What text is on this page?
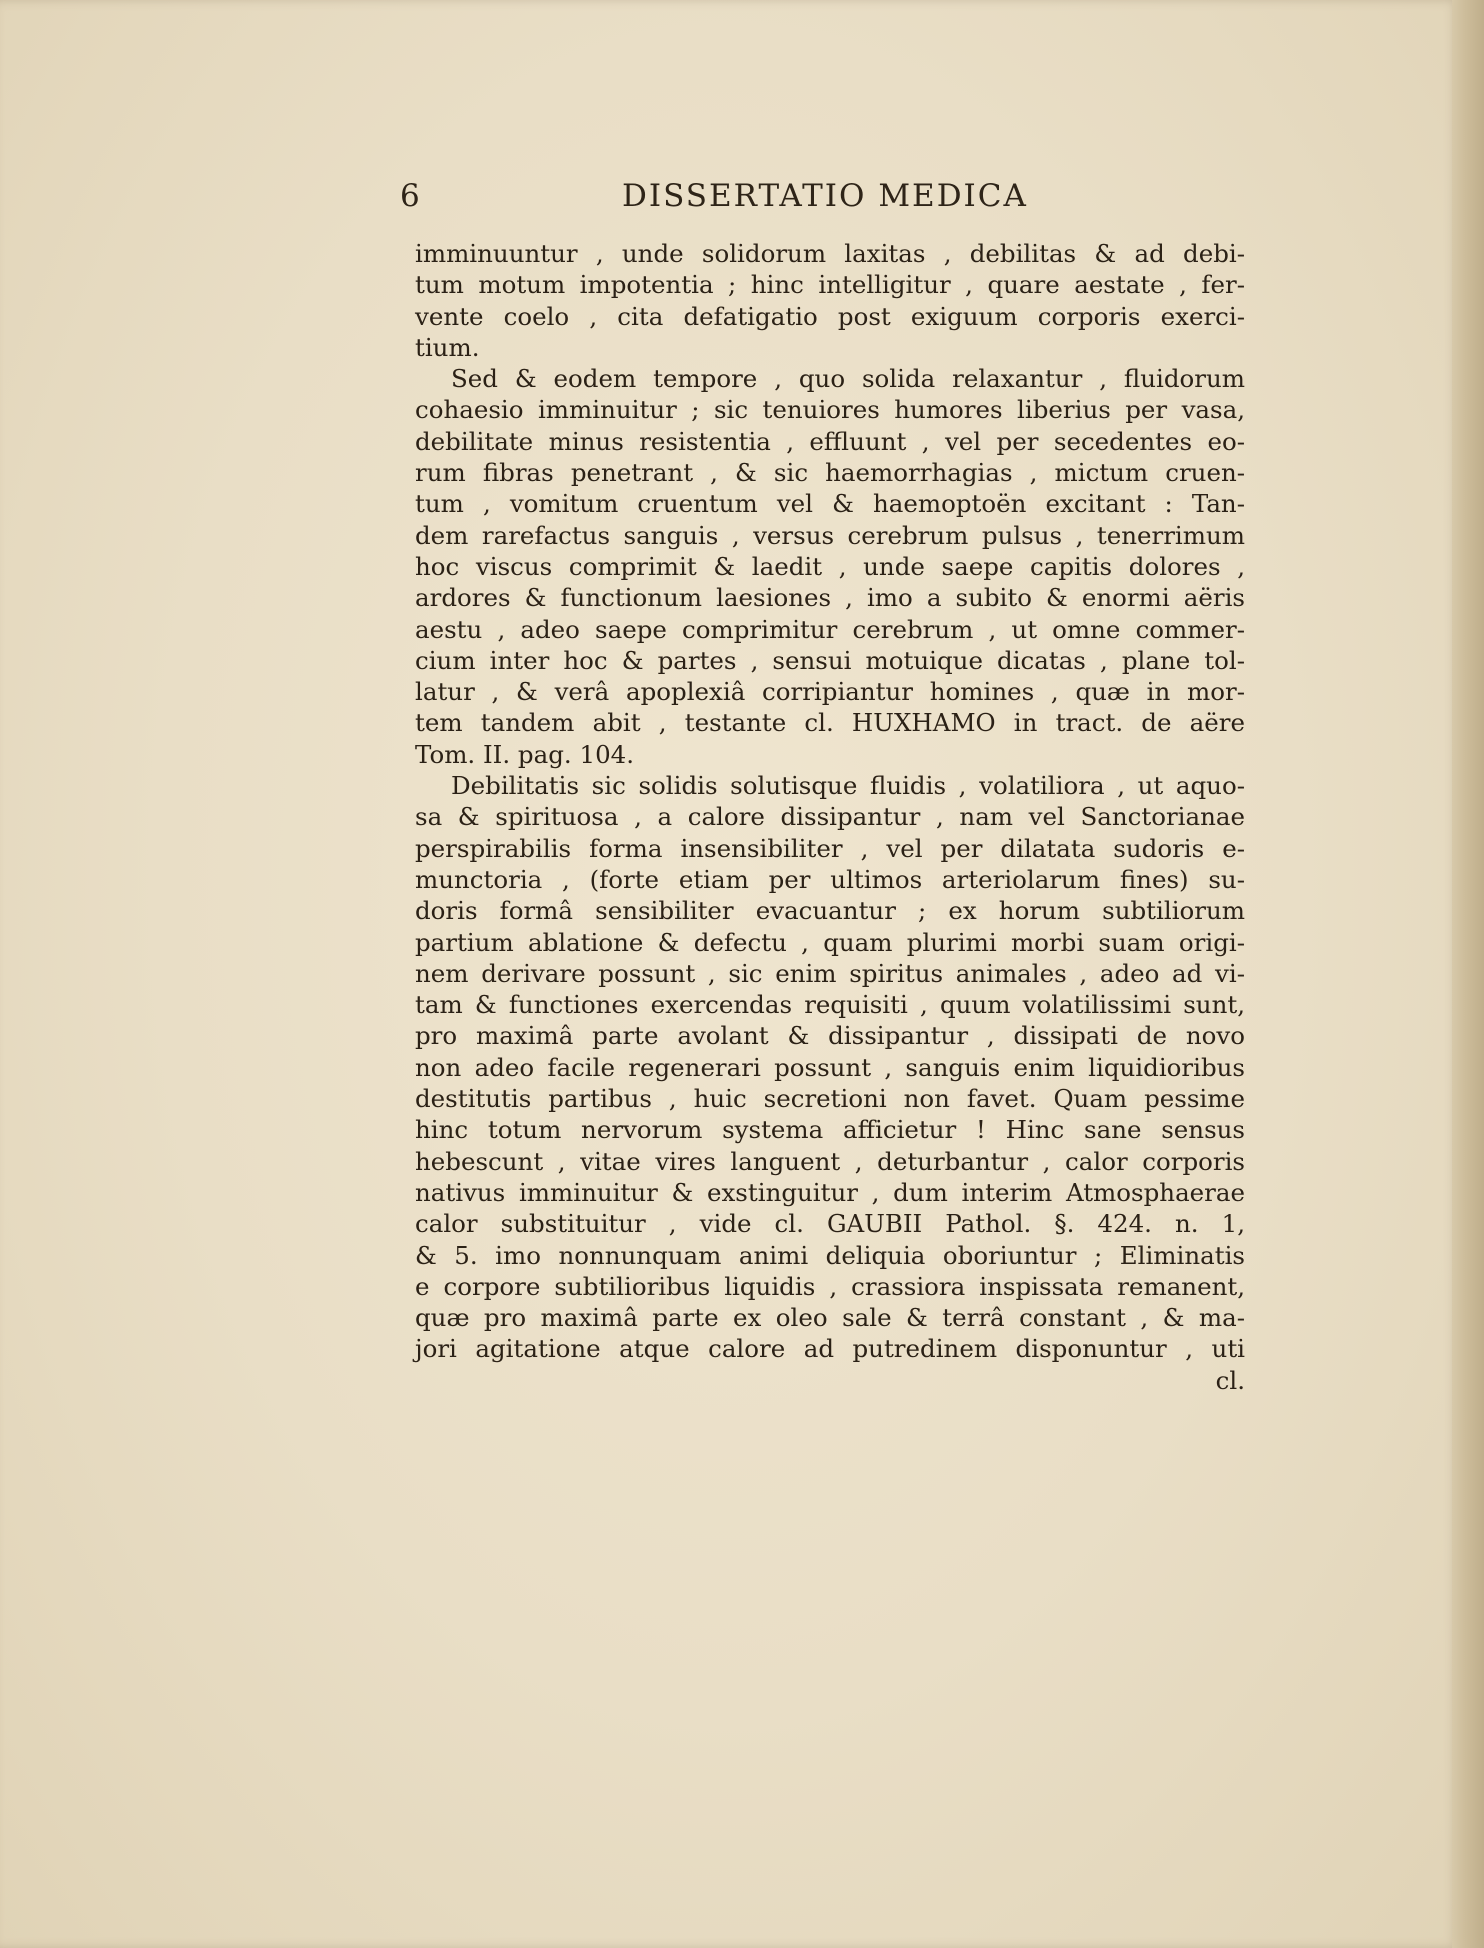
6	DISSERTATIO MEDICA
imminuuntur , unde solidorum laxitas , debilitas & ad debi-
tum motum impotentia ; hinc intelligitur , quare aestate , fer-
vente coelo , cita defatigatio post exiguum corporis exerci-
tium.
Sed & eodem tempore , quo solida relaxantur , fluidorum
cohaesio imminuitur ; sic tenuiores humores liberius per vasa,
debilitate minus resistentia , effluunt , vel per secedentes eo-
rum fibras penetrant , & sic haemorrhagias , mictum cruen-
tum , vomitum cruentum vel & haemoptoën excitant : Tan-
dem rarefactus sanguis , versus cerebrum pulsus , tenerrimum
hoc viscus comprimit & laedit , unde saepe capitis dolores ,
ardores & functionum laesiones , imo a subito & enormi aëris
aestu , adeo saepe comprimitur cerebrum , ut omne commer-
cium inter hoc & partes , sensui motuique dicatas , plane tol-
latur , & verâ apoplexiâ corripiantur homines , quæ in mor-
tem tandem abit , testante cl. HUXHAMO in tract. de aëre
Tom. II. pag. 104.
Debilitatis sic solidis solutisque fluidis , volatiliora , ut aquo-
sa & spirituosa , a calore dissipantur , nam vel Sanctorianae
perspirabilis forma insensibiliter , vel per dilatata sudoris e-
munctoria , (forte etiam per ultimos arteriolarum fines) su-
doris formâ sensibiliter evacuantur ; ex horum subtiliorum
partium ablatione & defectu , quam plurimi morbi suam origi-
nem derivare possunt , sic enim spiritus animales , adeo ad vi-
tam & functiones exercendas requisiti , quum volatilissimi sunt,
pro maximâ parte avolant & dissipantur , dissipati de novo
non adeo facile regenerari possunt , sanguis enim liquidioribus
destitutis partibus , huic secretioni non favet. Quam pessime
hinc totum nervorum systema afficietur ! Hinc sane sensus
hebescunt , vitae vires languent , deturbantur , calor corporis
nativus imminuitur & exstinguitur , dum interim Atmosphaerae
calor substituitur , vide cl. GAUBII Pathol. §. 424. n. 1,
& 5. imo nonnunquam animi deliquia oboriuntur ; Eliminatis
e corpore subtilioribus liquidis , crassiora inspissata remanent,
quæ pro maximâ parte ex oleo sale & terrâ constant , & ma-
jori agitatione atque calore ad putredinem disponuntur , uti
cl.
